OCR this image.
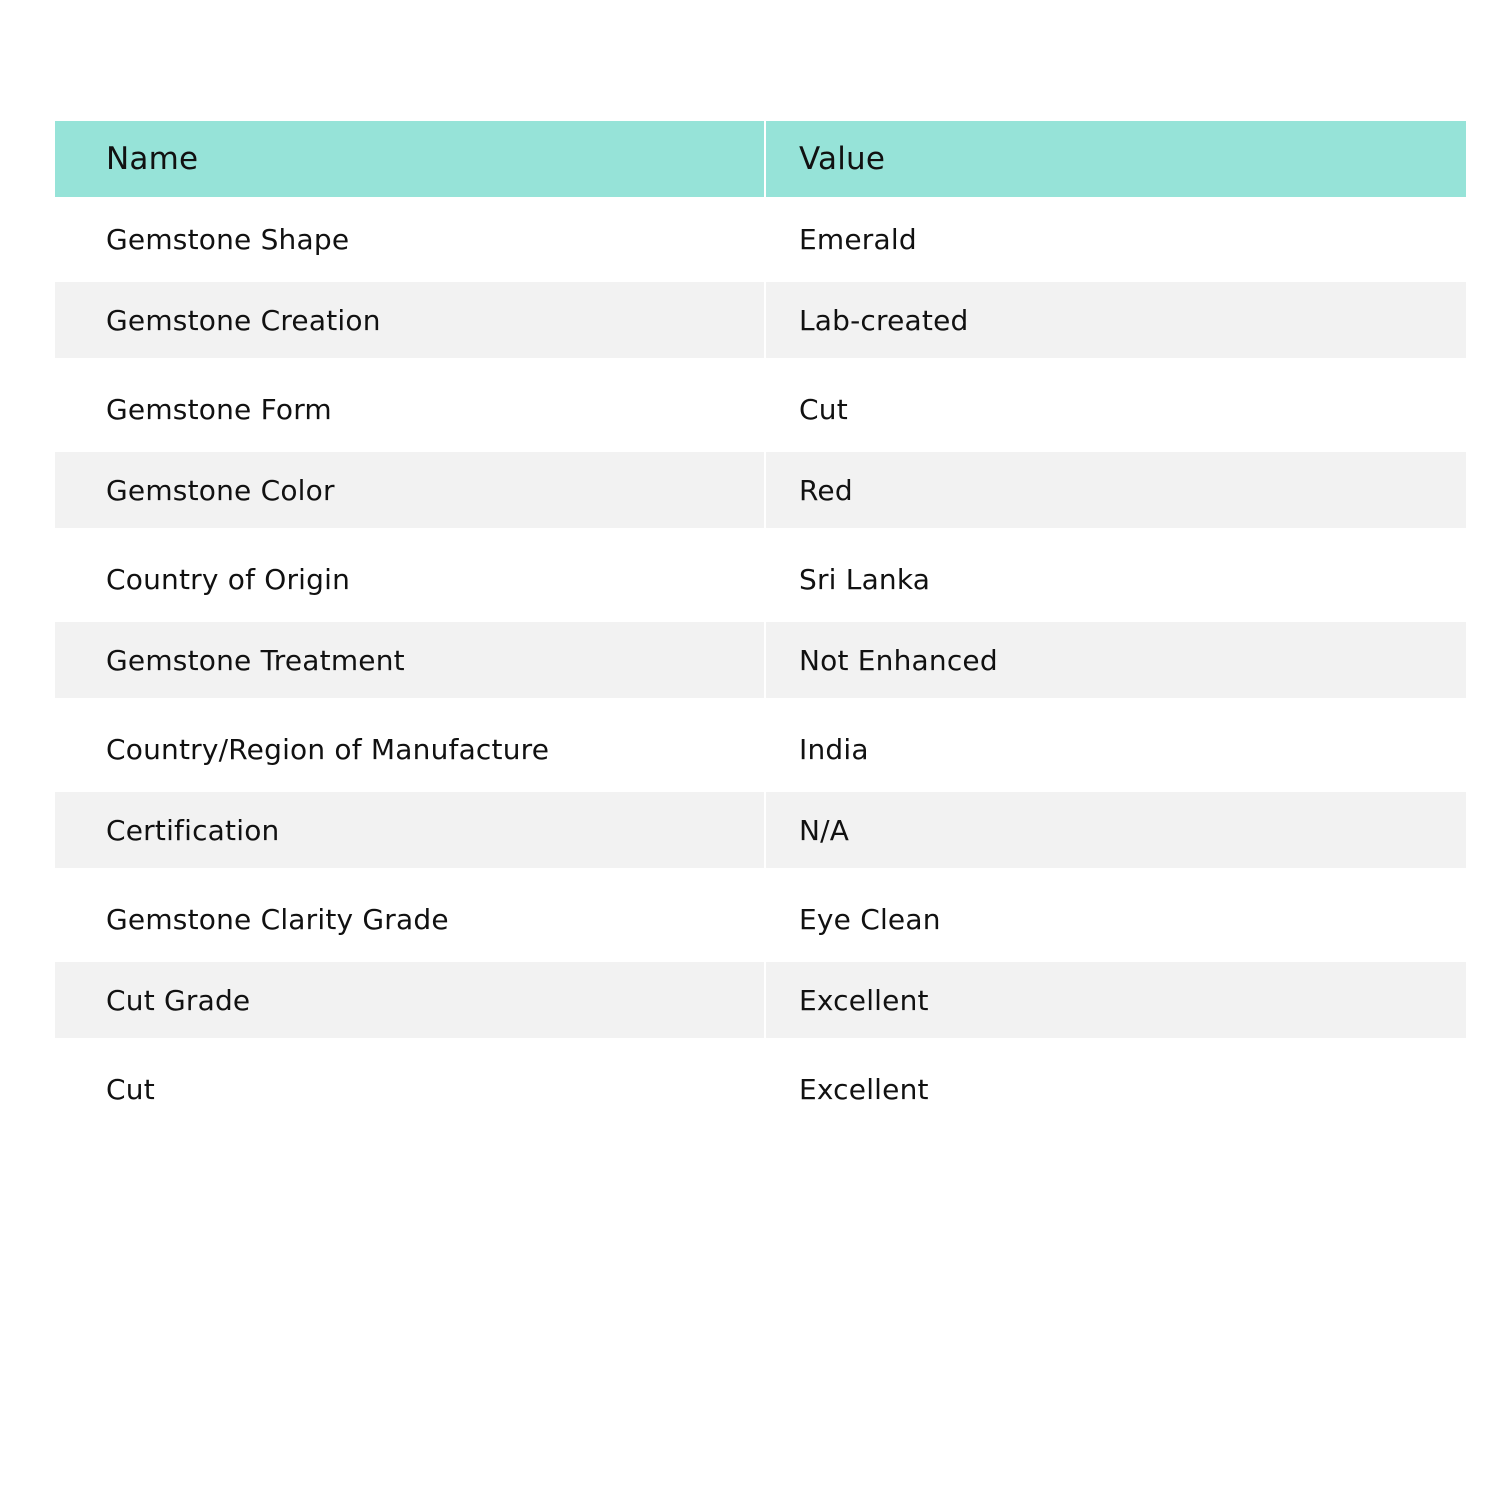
Name	Value
Gemstone Shape	Emerald
Gemstone Creation	Lab-created
Gemstone Form	Cut
Gemstone Color	Red
Country of Origin	Sri Lanka
Gemstone Treatment	Not Enhanced
Country/Region of Manufacture	India
Certification	N/A
Gemstone Clarity Grade	Eye Clean
Cut Grade	Excellent
Cut	Excellent
